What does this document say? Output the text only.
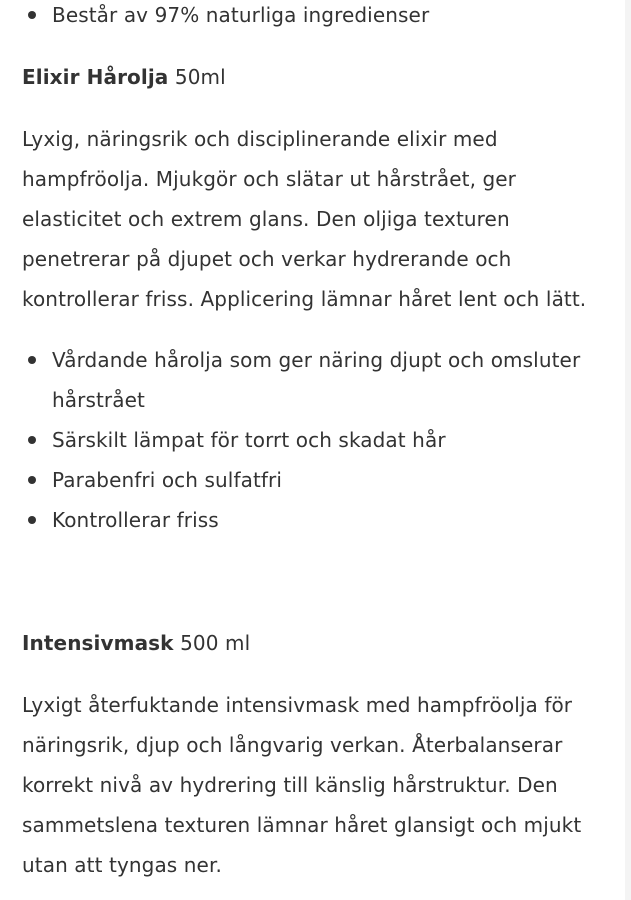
Består av 97% naturliga ingredienser
Elixir Hårolja 50ml

Lyxig, näringsrik och disciplinerande elixir med hampfröolja. Mjukgör och slätar ut hårstrået, ger elasticitet och extrem glans. Den oljiga texturen penetrerar på djupet och verkar hydrerande och kontrollerar friss. Applicering lämnar håret lent och lätt.

Vårdande hårolja som ger näring djupt och omsluter hårstrået
Särskilt lämpat för torrt och skadat hår
Parabenfri och sulfatfri
Kontrollerar friss
Intensivmask 500 ml

Lyxigt återfuktande intensivmask med hampfröolja för näringsrik, djup och långvarig verkan. Återbalanserar korrekt nivå av hydrering till känslig hårstruktur. Den sammetslena texturen lämnar håret glansigt och mjukt utan att tyngas ner.
